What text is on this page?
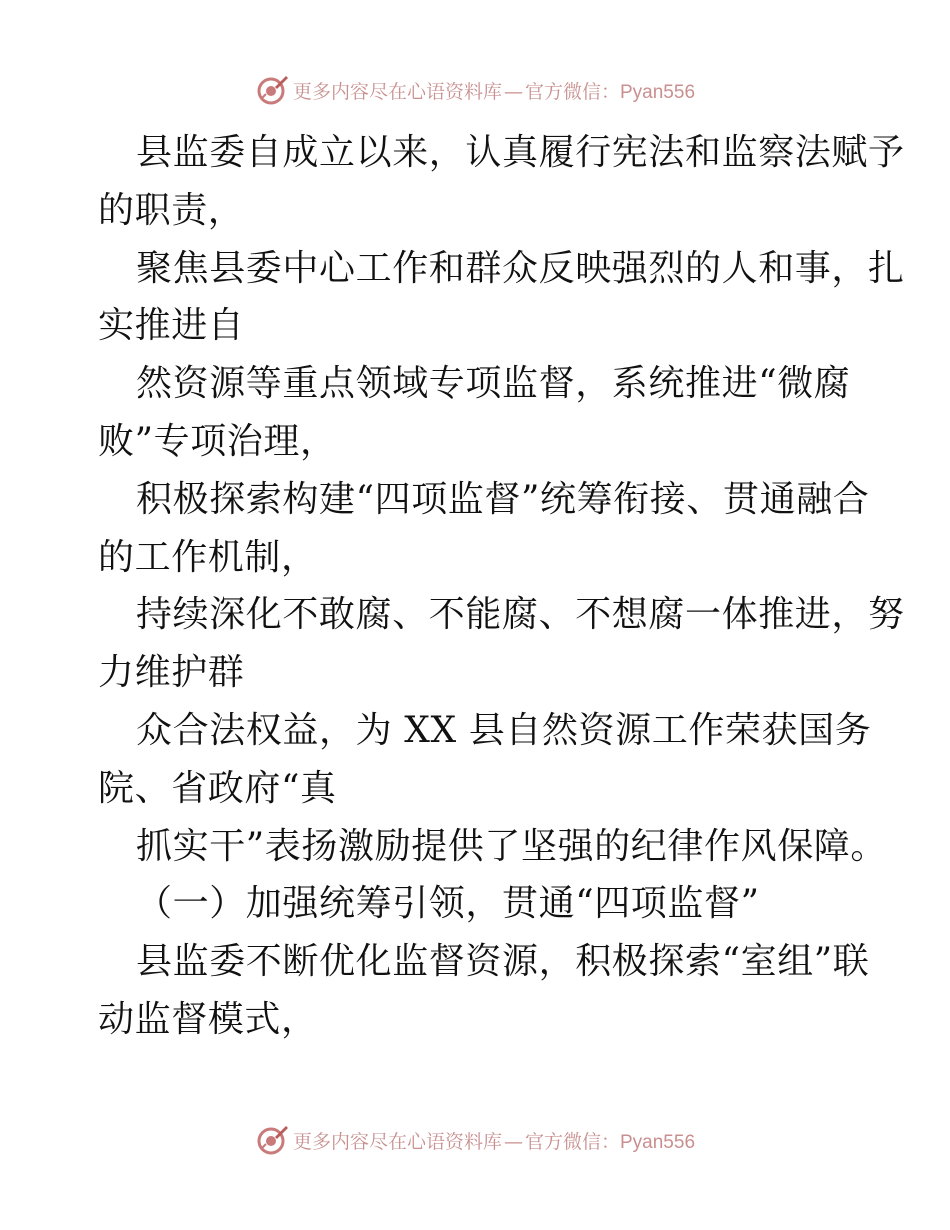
更多内容尽在心语资料库 — 官方微信：Pyan556
县监委自成立以来，认真履行宪法和监察法赋予
的职责，
聚焦县委中心工作和群众反映强烈的人和事，扎
实推进自
然资源等重点领域专项监督，系统推进“微腐
败”专项治理，
积极探索构建“四项监督”统筹衔接、贯通融合
的工作机制，
持续深化不敢腐、不能腐、不想腐一体推进，努
力维护群
众合法权益，为 XX 县自然资源工作荣获国务
院、省政府“真
抓实干”表扬激励提供了坚强的纪律作风保障。
（一）加强统筹引领，贯通“四项监督”
县监委不断优化监督资源，积极探索“室组”联
动监督模式，
更多内容尽在心语资料库 — 官方微信：Pyan556
